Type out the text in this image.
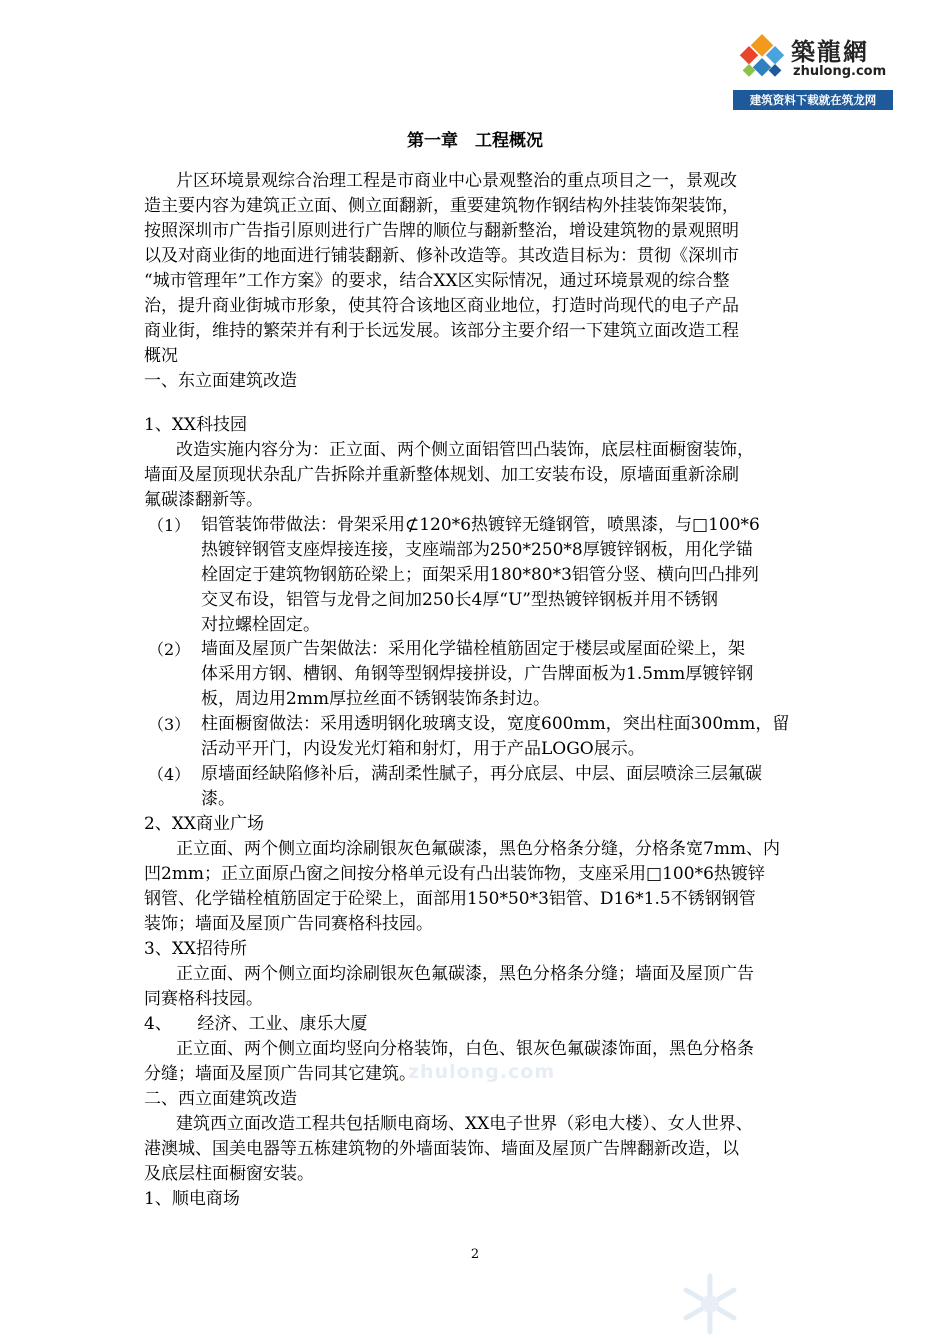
築龍網
zhulong.com
建筑资料下载就在筑龙网
第一章　工程概况
片区环境景观综合治理工程是市商业中心景观整治的重点项目之一，景观改
造主要内容为建筑正立面、侧立面翻新，重要建筑物作钢结构外挂装饰架装饰，
按照深圳市广告指引原则进行广告牌的顺位与翻新整治，增设建筑物的景观照明
以及对商业街的地面进行铺装翻新、修补改造等。其改造目标为：贯彻《深圳市
“城市管理年”工作方案》的要求，结合XX区实际情况，通过环境景观的综合整
治，提升商业街城市形象，使其符合该地区商业地位，打造时尚现代的电子产品
商业街，维持的繁荣并有利于长远发展。该部分主要介绍一下建筑立面改造工程
概况
一、东立面建筑改造
1、XX科技园
改造实施内容分为：正立面、两个侧立面铝管凹凸装饰，底层柱面橱窗装饰，
墙面及屋顶现状杂乱广告拆除并重新整体规划、加工安装布设，原墙面重新涂刷
氟碳漆翻新等。
（1） 铝管装饰带做法：骨架采用⊄120*6热镀锌无缝钢管，喷黑漆，与□100*6
热镀锌钢管支座焊接连接，支座端部为250*250*8厚镀锌钢板，用化学锚
栓固定于建筑物钢筋砼梁上；面架采用180*80*3铝管分竖、横向凹凸排列
交叉布设，铝管与龙骨之间加250长4厚“U”型热镀锌钢板并用不锈钢
对拉螺栓固定。
（2） 墙面及屋顶广告架做法：采用化学锚栓植筋固定于楼层或屋面砼梁上，架
体采用方钢、槽钢、角钢等型钢焊接拼设，广告牌面板为1.5mm厚镀锌钢
板，周边用2mm厚拉丝面不锈钢装饰条封边。
（3） 柱面橱窗做法：采用透明钢化玻璃支设，宽度600mm，突出柱面300mm，留
活动平开门，内设发光灯箱和射灯，用于产品LOGO展示。
（4） 原墙面经缺陷修补后，满刮柔性腻子，再分底层、中层、面层喷涂三层氟碳
漆。
2、XX商业广场
正立面、两个侧立面均涂刷银灰色氟碳漆，黑色分格条分缝，分格条宽7mm、内
凹2mm；正立面原凸窗之间按分格单元设有凸出装饰物，支座采用□100*6热镀锌
钢管、化学锚栓植筋固定于砼梁上，面部用150*50*3铝管、D16*1.5不锈钢钢管
装饰；墙面及屋顶广告同赛格科技园。
3、XX招待所
正立面、两个侧立面均涂刷银灰色氟碳漆，黑色分格条分缝；墙面及屋顶广告
同赛格科技园。
4、　　经济、工业、康乐大厦
正立面、两个侧立面均竖向分格装饰，白色、银灰色氟碳漆饰面，黑色分格条
分缝；墙面及屋顶广告同其它建筑。
二、西立面建筑改造
建筑西立面改造工程共包括顺电商场、XX电子世界（彩电大楼）、女人世界、
港澳城、国美电器等五栋建筑物的外墙面装饰、墙面及屋顶广告牌翻新改造，以
及底层柱面橱窗安装。
1、顺电商场
zhulong.com
2
